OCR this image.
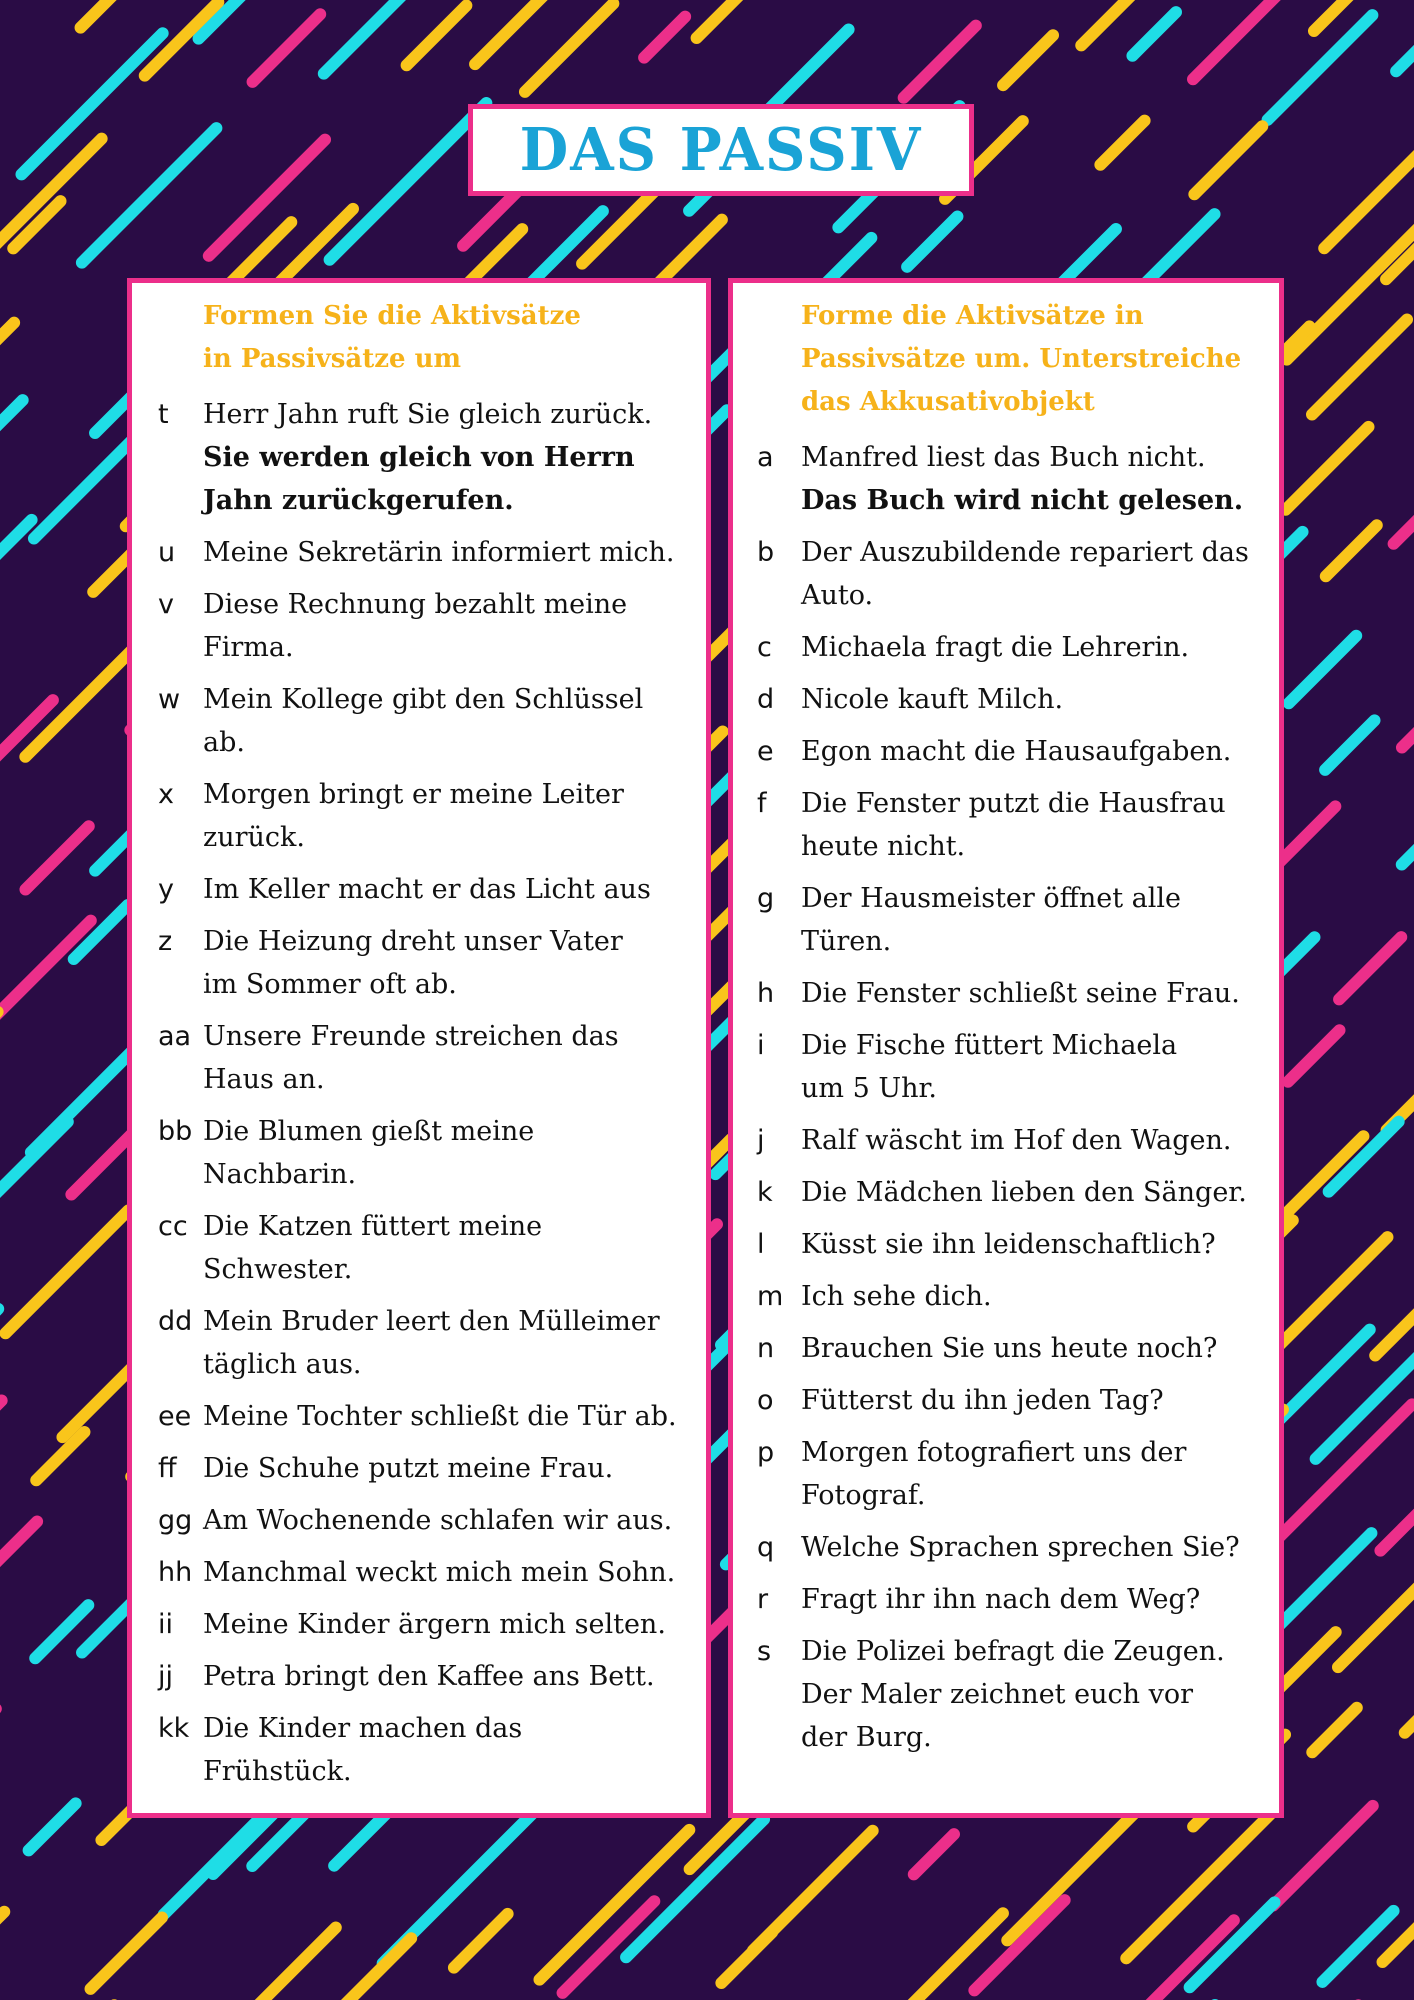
DAS PASSIV
Formen Sie die Aktivsätze
in Passivsätze um
t Herr Jahn ruft Sie gleich zurück.
Sie werden gleich von Herrn
Jahn zurückgerufen.
u Meine Sekretärin informiert mich.
v Diese Rechnung bezahlt meine
Firma.
w Mein Kollege gibt den Schlüssel
ab.
x Morgen bringt er meine Leiter
zurück.
y Im Keller macht er das Licht aus
z Die Heizung dreht unser Vater
im Sommer oft ab.
aa Unsere Freunde streichen das
Haus an.
bb Die Blumen gießt meine
Nachbarin.
cc Die Katzen füttert meine
Schwester.
dd Mein Bruder leert den Mülleimer
täglich aus.
ee Meine Tochter schließt die Tür ab.
ff Die Schuhe putzt meine Frau.
gg Am Wochenende schlafen wir aus.
hh Manchmal weckt mich mein Sohn.
ii Meine Kinder ärgern mich selten.
jj Petra bringt den Kaffee ans Bett.
kk Die Kinder machen das
Frühstück.
Forme die Aktivsätze in
Passivsätze um. Unterstreiche
das Akkusativobjekt
a Manfred liest das Buch nicht.
Das Buch wird nicht gelesen.
b Der Auszubildende repariert das
Auto.
c Michaela fragt die Lehrerin.
d Nicole kauft Milch.
e Egon macht die Hausaufgaben.
f Die Fenster putzt die Hausfrau
heute nicht.
g Der Hausmeister öffnet alle
Türen.
h Die Fenster schließt seine Frau.
i Die Fische füttert Michaela
um 5 Uhr.
j Ralf wäscht im Hof den Wagen.
k Die Mädchen lieben den Sänger.
l Küsst sie ihn leidenschaftlich?
m Ich sehe dich.
n Brauchen Sie uns heute noch?
o Fütterst du ihn jeden Tag?
p Morgen fotografiert uns der
Fotograf.
q Welche Sprachen sprechen Sie?
r Fragt ihr ihn nach dem Weg?
s Die Polizei befragt die Zeugen.
Der Maler zeichnet euch vor
der Burg.
